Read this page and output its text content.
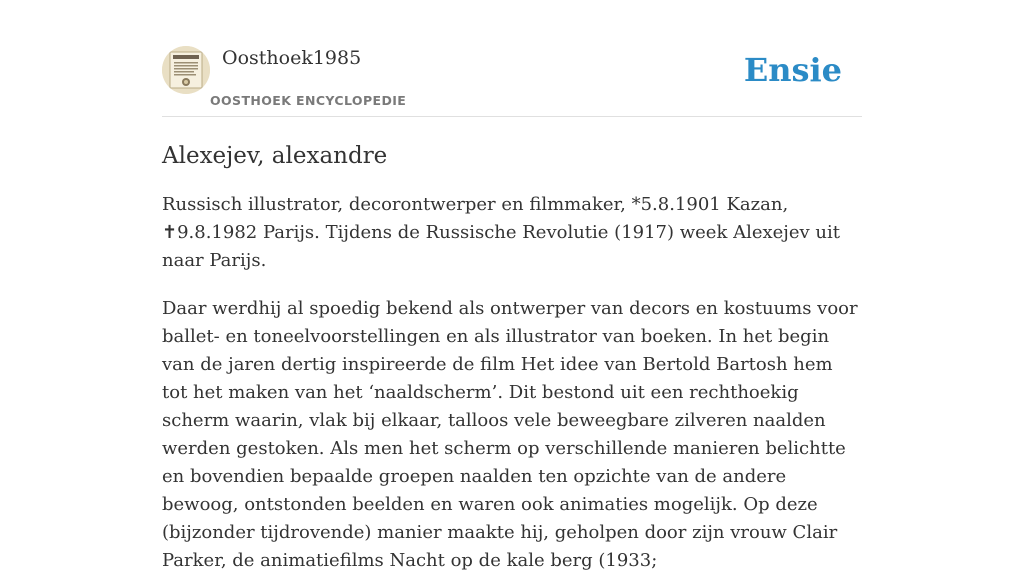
Oosthoek1985
OOSTHOEK ENCYCLOPEDIE
Ensie
Alexejev, alexandre

Russisch illustrator, decorontwerper en filmmaker, *5.8.1901 Kazan, ✝9.8.1982 Parijs. Tijdens de Russische Revolutie (1917) week Alexejev uit naar Parijs.

Daar werdhij al spoedig bekend als ontwerper van decors en kostuums voor ballet- en toneelvoorstellingen en als illustrator van boeken. In het begin van de jaren dertig inspireerde de film Het idee van Bertold Bartosh hem tot het maken van het ‘naaldscherm’. Dit bestond uit een rechthoekig scherm waarin, vlak bij elkaar, talloos vele beweegbare zilveren naalden werden gestoken. Als men het scherm op verschillende manieren belichtte en bovendien bepaalde groepen naalden ten opzichte van de andere bewoog, ontstonden beelden en waren ook animaties mogelijk. Op deze (bijzonder tijdrovende) manier maakte hij, geholpen door zijn vrouw Clair Parker, de animatiefilms Nacht op de kale berg (1933;
